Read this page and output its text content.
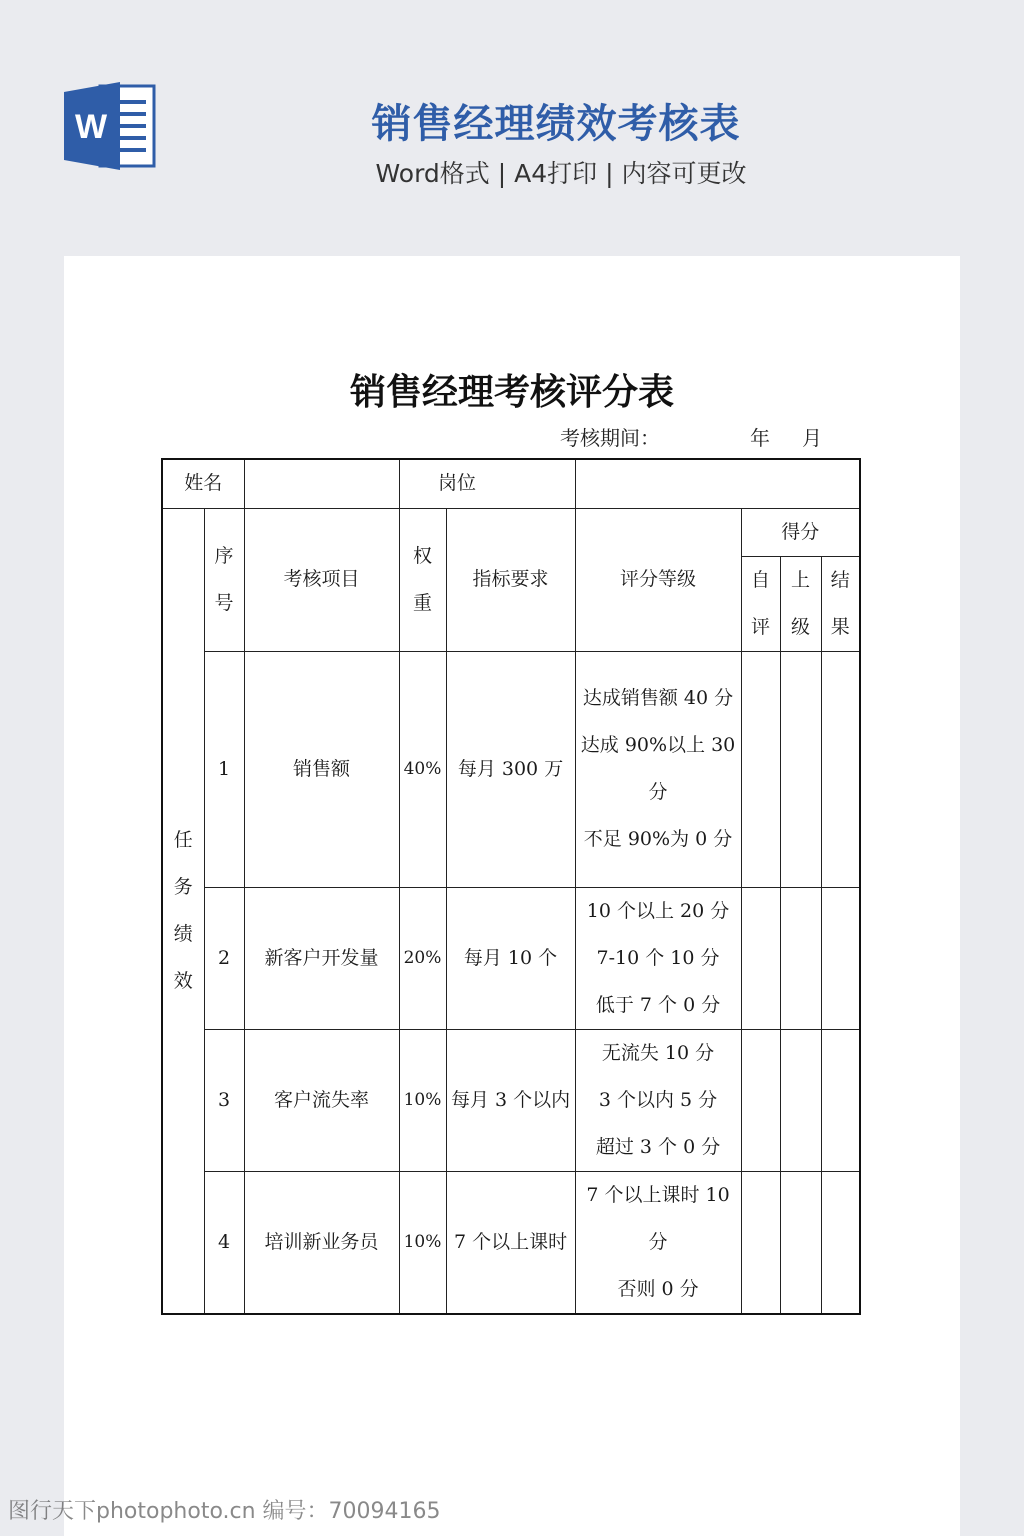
W	销售经理绩效考核表
Word格式 | A4打印 | 内容可更改
销售经理考核评分表
考核期间：	年 月
姓名			岗位					
任务绩效	序号	考核项目	权重	指标要求	评分等级	得分		
						自评	上级	结果
	1	销售额	40%	每月 300 万	达成销售额 40 分
达成 90%以上 30 分
不足 90%为 0 分			

	2	新客户开发量	20%	每月 10 个	10 个以上 20 分
7-10 个 10 分
低于 7 个 0 分			

	3	客户流失率	10%	每月 3 个以内	无流失 10 分
3 个以内 5 分
超过 3 个 0 分			

	4	培训新业务员	10%	7 个以上课时	7 个以上课时 10 分
否则 0 分			

图行天下photophoto.cn 编号：70094165
